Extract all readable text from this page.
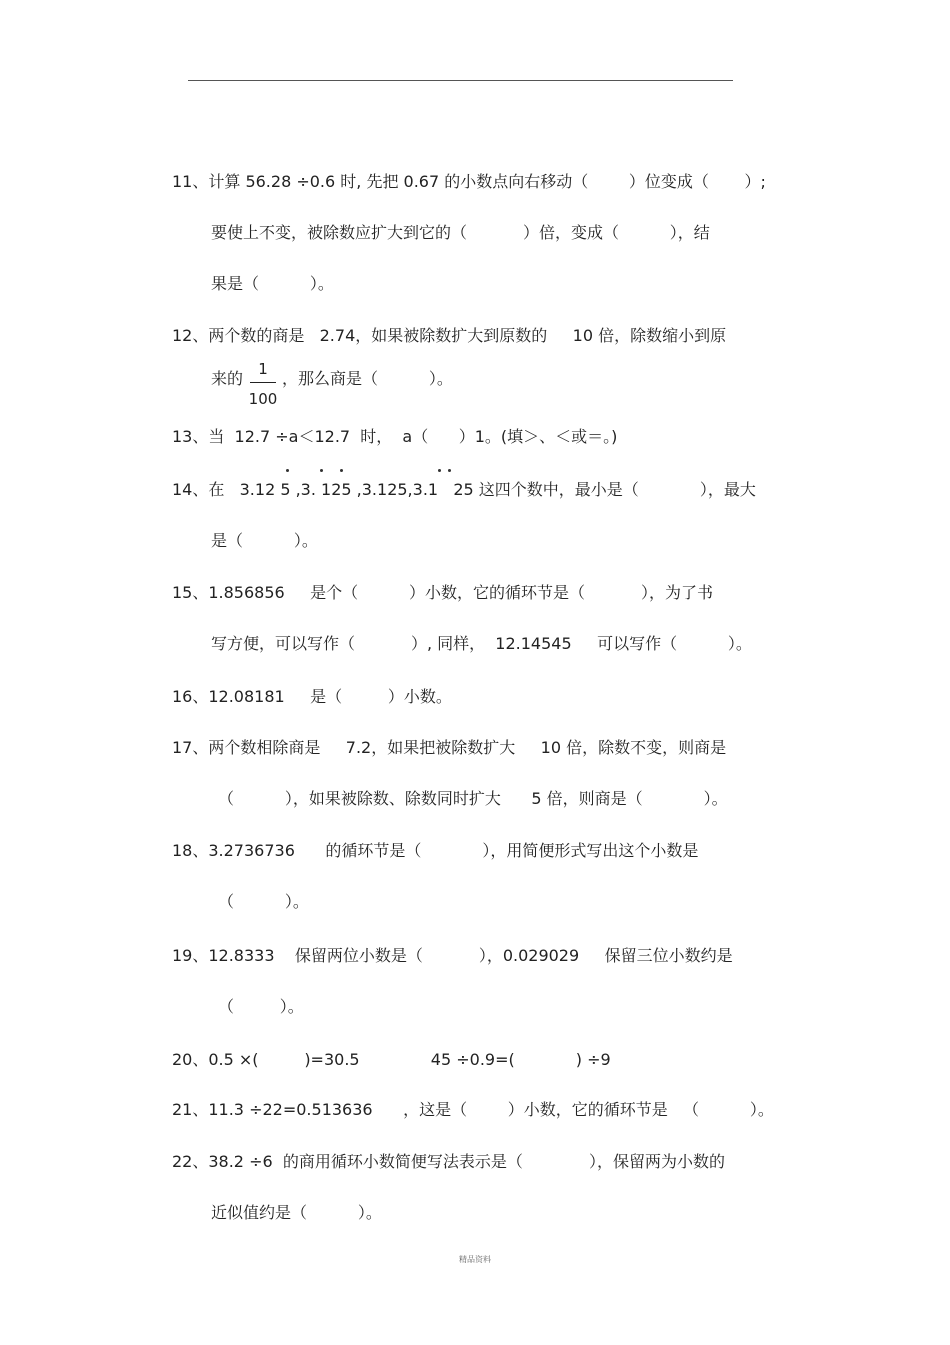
11、计算 56.28 ÷0.6 时, 先把 0.67 的小数点向右移动（        ）位变成（       ）;
要使上不变，被除数应扩大到它的（           ）倍，变成（          ），结
果是（          ）。
12、两个数的商是   2.74，如果被除数扩大到原数的     10 倍，除数缩小到原
来的	1
100
，那么商是（          ）。
13、当  12.7 ÷a＜12.7  时，  a（      ）1。(填＞、＜或＝。)
14、在   3.12 5 ,3. 125 ,3.125,3.1   25 这四个数中，最小是（            ），最大
是（          ）。
15、1.856856     是个（          ）小数，它的循环节是（           ），为了书
写方便，可以写作（           ）, 同样，  12.14545     可以写作（          ）。
16、12.08181     是（         ）小数。
17、两个数相除商是     7.2，如果把被除数扩大     10 倍，除数不变，则商是
（          ），如果被除数、除数同时扩大      5 倍，则商是（            ）。
18、3.2736736      的循环节是（            ），用简便形式写出这个小数是
（          ）。
19、12.8333    保留两位小数是（           ），0.029029     保留三位小数约是
（         ）。
20、0.5 ×(         )=30.5              45 ÷0.9=(            ) ÷9
21、11.3 ÷22=0.513636      ，这是（        ）小数，它的循环节是   （          ）。
22、38.2 ÷6  的商用循环小数简便写法表示是（             ），保留两为小数的
近似值约是（          ）。
精品资料
